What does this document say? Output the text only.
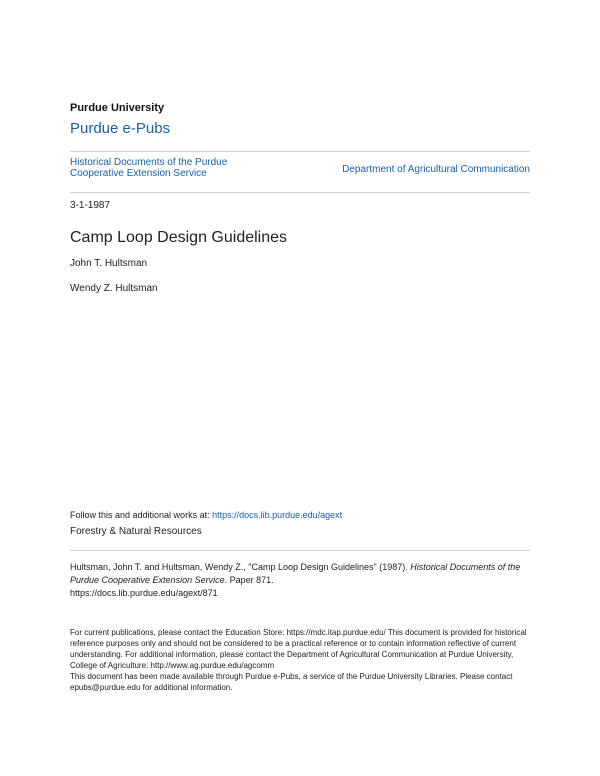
Purdue University
Purdue e-Pubs
Historical Documents of the Purdue
Cooperative Extension Service	Department of Agricultural Communication
3-1-1987
Camp Loop Design Guidelines
John T. Hultsman
Wendy Z. Hultsman
Follow this and additional works at: https://docs.lib.purdue.edu/agext
Forestry & Natural Resources
Hultsman, John T. and Hultsman, Wendy Z., "Camp Loop Design Guidelines" (1987). Historical Documents of the Purdue Cooperative Extension Service. Paper 871.
https://docs.lib.purdue.edu/agext/871

For current publications, please contact the Education Store: https://mdc.itap.purdue.edu/ This document is provided for historical reference purposes only and should not be considered to be a practical reference or to contain information reflective of current understanding. For additional information, please contact the Department of Agricultural Communication at Purdue University, College of Agriculture: http://www.ag.purdue.edu/agcomm

This document has been made available through Purdue e-Pubs, a service of the Purdue University Libraries. Please contact epubs@purdue.edu for additional information.
